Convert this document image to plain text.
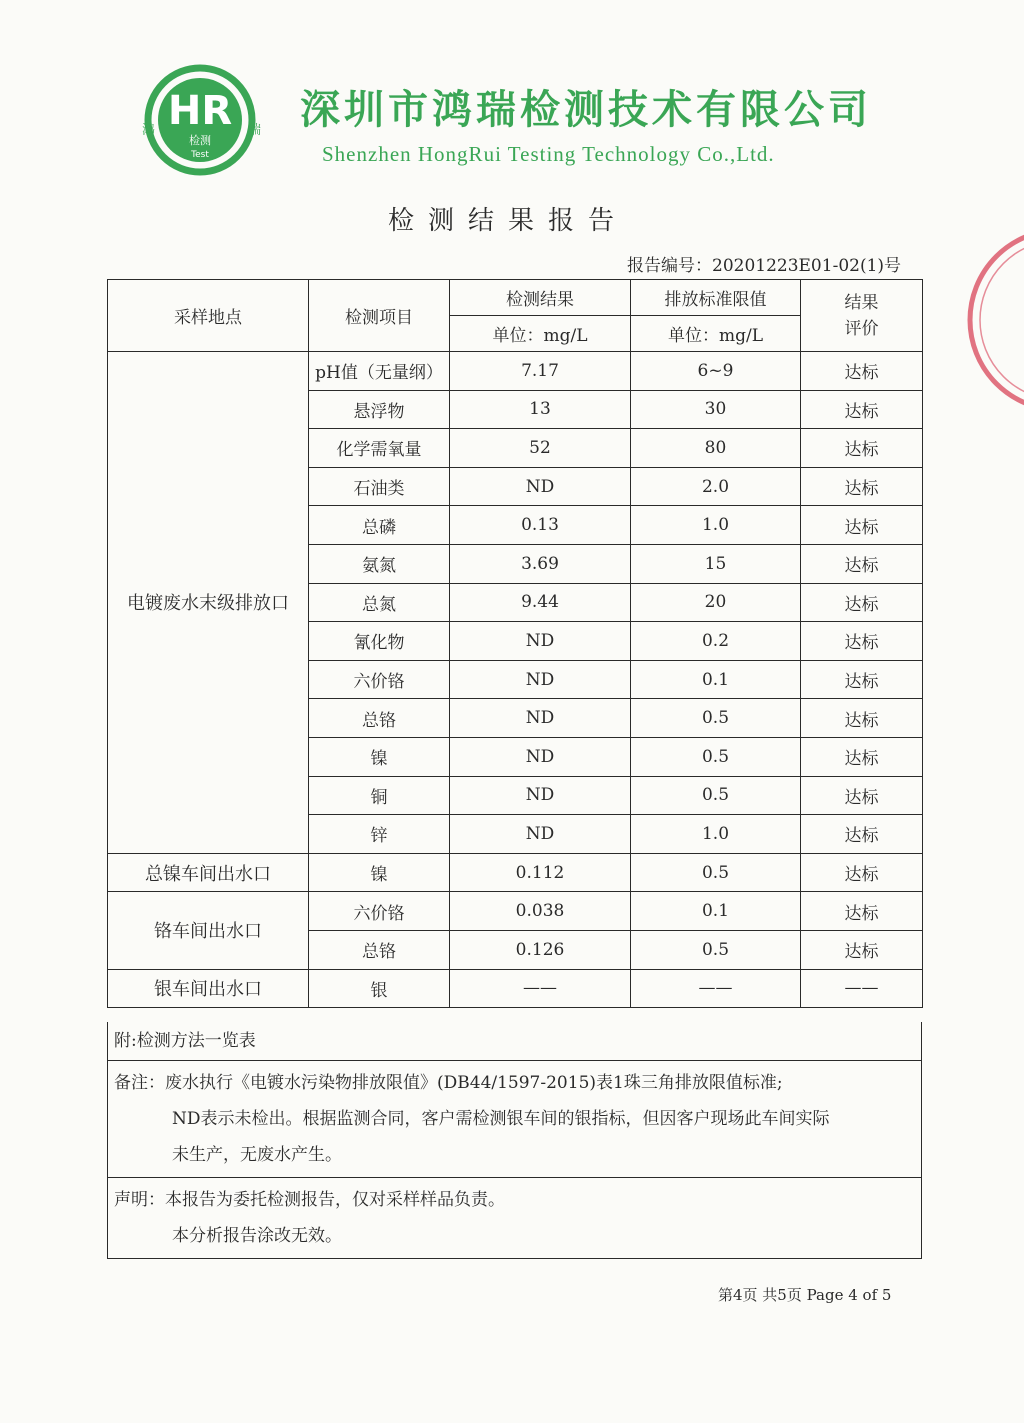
HR
检测
Test
鸿	瑞 深圳市鸿瑞检测技术有限公司
Shenzhen HongRui Testing Technology Co.,Ltd.
检测结果报告
报告编号：20201223E01-02(1)号
采样地点	检测项目	检测结果	排放标准限值	结果
评价
		单位：mg/L	单位：mg/L	
电镀废水末级排放口	pH值（无量纲）	7.17	6~9	达标
	悬浮物	13	30	达标
	化学需氧量	52	80	达标
	石油类	ND	2.0	达标
	总磷	0.13	1.0	达标
	氨氮	3.69	15	达标
	总氮	9.44	20	达标
	氰化物	ND	0.2	达标
	六价铬	ND	0.1	达标
	总铬	ND	0.5	达标
	镍	ND	0.5	达标
	铜	ND	0.5	达标
	锌	ND	1.0	达标
总镍车间出水口	镍	0.112	0.5	达标
铬车间出水口	六价铬	0.038	0.1	达标
	总铬	0.126	0.5	达标
银车间出水口	银	——	——	——
附:检测方法一览表
备注：废水执行《电镀水污染物排放限值》(DB44/1597-2015)表1珠三角排放限值标准;
ND表示未检出。根据监测合同，客户需检测银车间的银指标，但因客户现场此车间实际
未生产，无废水产生。
声明：本报告为委托检测报告，仅对采样样品负责。
本分析报告涂改无效。
第4页 共5页 Page 4 of 5
